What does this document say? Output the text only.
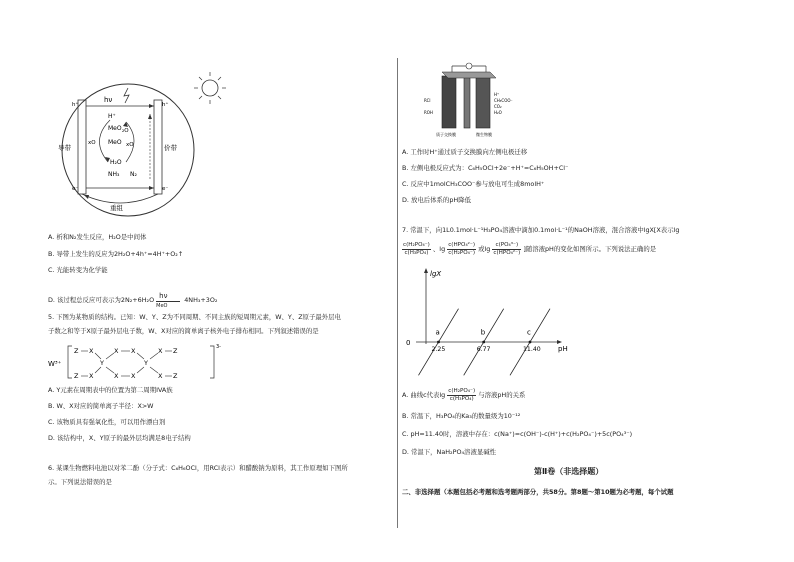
hν
h⁺	h⁺
H⁺
MeO
MeO
₂O
xO	xO
H₂O
NH₃ N₂
e⁻	e⁻
导带	价带
重组
A. 析和N₂发生反应，H₂O是中间体
B. 导带上发生的反应为2H₂O+4h⁺=4H⁺+O₂↑
C. 光能转变为化学能
D. 该过程总反应可表示为2N₂+6H₂O hν
MeO
4NH₃+3O₂
5. 下图为某物质的结构。已知：W、Y、Z为不同周期、不同主族的短周期元素，W、Y、Z原子最外层电
子数之和等于X原子最外层电子数，W、X对应的简单离子核外电子排布相同。下列叙述错误的是
W³⁺
Z X
Y
X X
Y
X Z
Z X	X X	X Z
3-
A. Y元素在周期表中的位置为第二周期IVA族
B. W、X对应的简单离子半径：X>W
C. 该物质具有强氧化性，可以用作漂白剂
D. 该结构中，X、Y原子的最外层均满足8电子结构
6. 某课生物燃料电池以对苯二酚（分子式：C₆H₆OCl，用RCl表示）和醋酸钠为原料，其工作原理如下图所
示。下列说法错误的是
RCl
ROH
H⁺
CH₃COO⁻
CO₂
H₂O
质子交换膜	微生物膜
A. 工作时H⁺通过质子交换膜向左侧电极迁移
B. 左侧电极反应式为：C₆H₅OCl+2e⁻+H⁺=C₆H₅OH+Cl⁻
C. 反应中1molCH₃COO⁻参与放电可生成8molH⁺
D. 放电后体系的pH降低
7. 常温下，向1L0.1mol·L⁻¹H₃PO₄溶液中滴加0.1mol·L⁻¹的NaOH溶液，混合溶液中lgX[X表示lg
$\frac{\text{c(H₂PO₄⁻)}}{\text{c(H₃PO₄)}}$ 、$\lg \frac{\text{c(HPO₄²⁻)}}{\text{c(H₂PO₄⁻)}}$ 或$\lg \frac{\text{c(PO₄³⁻)}}{\text{c(HPO₄²⁻)}}$ ]随溶液pH的变化如图所示。下列说法正确的是
lgX
pH
0
2.25	6.77	11.40
a	b	c
A. 曲线c代表$\lg \frac{\text{c(H₂PO₄⁻)}}{\text{c(H₃PO₄)}}$ 与溶液pH的关系
B. 常温下，H₃PO₄的Ka₃的数量级为10⁻¹²
C. pH=11.40时，溶液中存在：c(Na⁺)=c(OH⁻)-c(H⁺)+c(H₂PO₄⁻)+5c(PO₄³⁻)
D. 常温下，NaH₂PO₄溶液显碱性
第Ⅱ卷（非选择题）
二、非选择题（本题包括必考题和选考题两部分，共58分。第8题～第10题为必考题，每个试题
